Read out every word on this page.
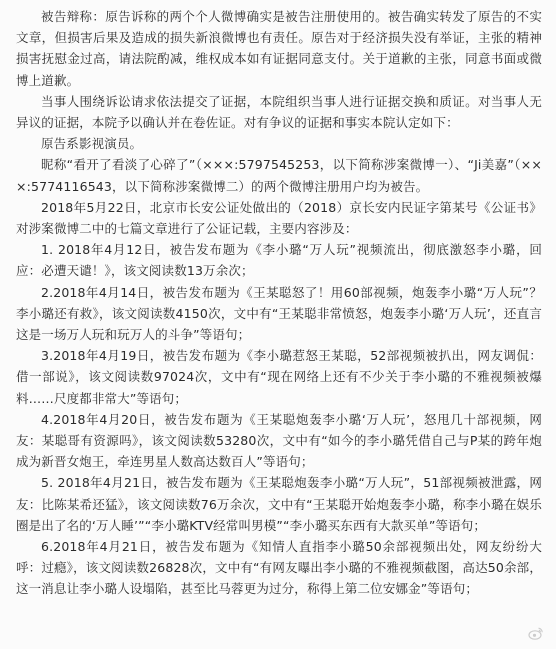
被告辩称：原告诉称的两个个人微博确实是被告注册使用的。被告确实转发了原告的不实文章，但损害后果及造成的损失新浪微博也有责任。原告对于经济损失没有举证，主张的精神损害抚慰金过高，请法院酌减，维权成本如有证据同意支付。关于道歉的主张，同意书面或微博上道歉。

当事人围绕诉讼请求依法提交了证据，本院组织当事人进行证据交换和质证。对当事人无异议的证据，本院予以确认并在卷佐证。对有争议的证据和事实本院认定如下：

原告系影视演员。

昵称“看开了看淡了心碎了”（×××:5797545253，以下简称涉案微博一）、“Ji美嘉”（×××:5774116543，以下简称涉案微博二）的两个微博注册用户均为被告。

2018年5月22日，北京市长安公证处做出的（2018）京长安内民证字第某号《公证书》对涉案微博二中的七篇文章进行了公证记载，主要内容涉及：

1. 2018年4月12日，被告发布题为《李小璐“万人玩”视频流出，彻底激怒李小璐，回应：必遭天谴！》，该文阅读数13万余次；

2.2018年4月14日，被告发布题为《王某聪怒了！用60部视频，炮轰李小璐“万人玩”？李小璐还有救》，该文阅读数4150次，文中有“王某聪非常愤怒，炮轰李小璐‘万人玩’，还直言这是一场万人玩和玩万人的斗争”等语句；

3.2018年4月19日，被告发布题为《李小璐惹怒王某聪，52部视频被扒出，网友调侃：借一部说》，该文阅读数97024次，文中有“现在网络上还有不少关于李小璐的不雅视频被爆料……尺度都非常大”等语句；

4.2018年4月20日，被告发布题为《王某聪炮轰李小璐‘万人玩’，怒甩几十部视频，网友：某聪哥有资源吗》，该文阅读数53280次，文中有“如今的李小璐凭借自己与P某的跨年炮成为新晋女炮王，牵连男星人数高达数百人”等语句；

5. 2018年4月21日，被告发布题为《王某聪炮轰李小璐“万人玩”，51部视频被泄露，网友：比陈某希还猛》，该文阅读数76万余次，文中有“王某聪开始炮轰李小璐，称李小璐在娱乐圈是出了名的‘万人睡’”“李小璐KTV经常叫男模”“李小璐买东西有大款买单”等语句；

6.2018年4月21日，被告发布题为《知情人直指李小璐50余部视频出处，网友纷纷大呼：过瘾》，该文阅读数26828次，文中有“有网友曝出李小璐的不雅视频截图，高达50余部，这一消息让李小璐人设塌陷，甚至比马蓉更为过分，称得上第二位安娜金”等语句；
